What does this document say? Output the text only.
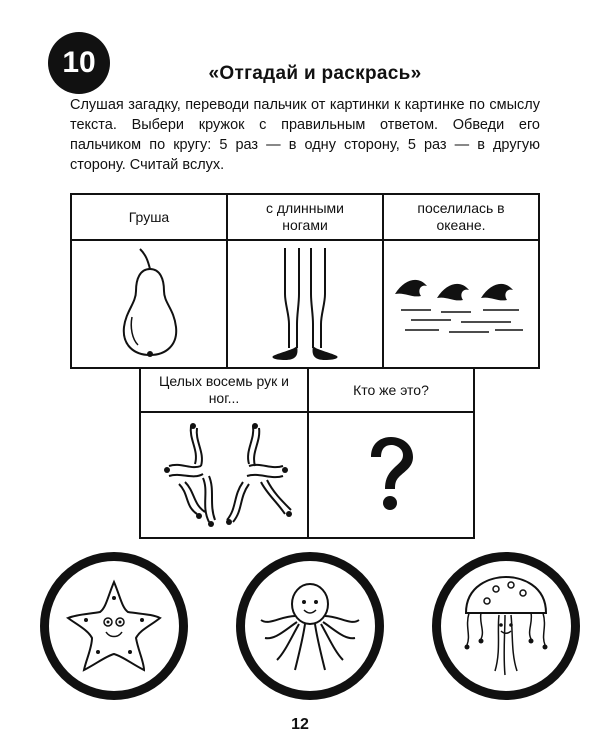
10	«Отгадай и раскрась»
Слушая загадку, переводи пальчик от картинки к картинке по смыслу текста. Выбери кружок с правильным ответом. Обведи его пальчиком по кругу: 5 раз — в одну сторону, 5 раз — в другую сторону. Считай вслух.
Груша
с длинными ногами
поселилась в океане.
Целых восемь рук и ног...
Кто же это?
12
